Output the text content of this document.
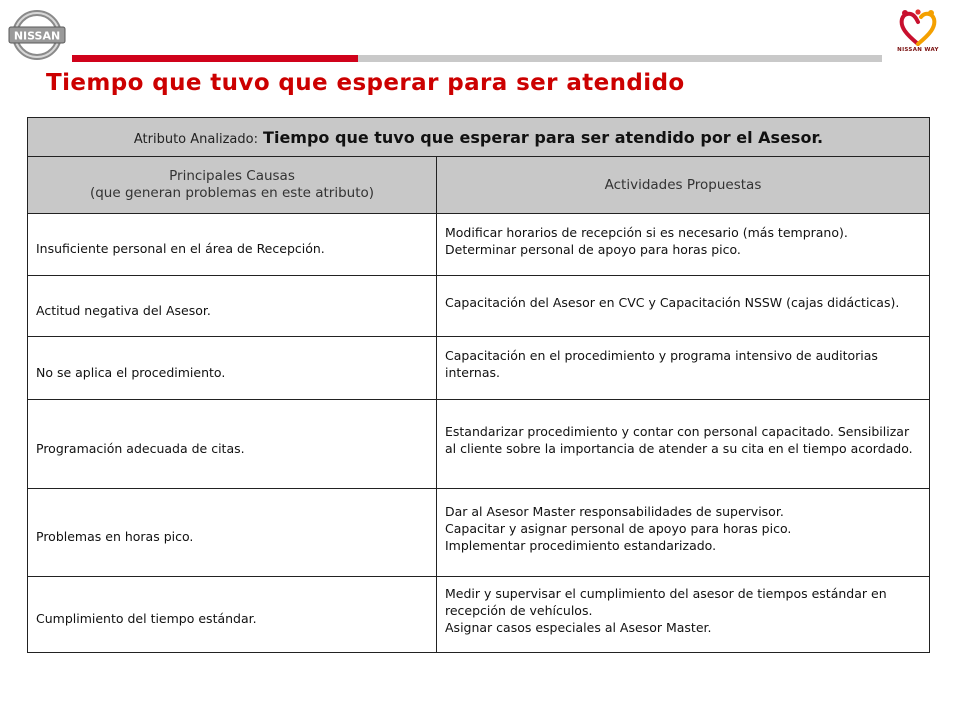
NISSAN
NISSAN WAY
Tiempo que tuvo que esperar para ser atendido
Atributo Analizado: Tiempo que tuvo que esperar para ser atendido por el Asesor.	

Principales Causas
(que generan problemas en este atributo)	Actividades Propuestas
Insuficiente personal en el área de Recepción.	Modificar horarios de recepción si es necesario (más temprano). Determinar personal de apoyo para horas pico.
Actitud negativa del Asesor.	Capacitación del Asesor en CVC y Capacitación NSSW (cajas didácticas).
No se aplica el procedimiento.	Capacitación en el procedimiento y programa intensivo de auditorias internas.
Programación adecuada de citas.	Estandarizar procedimiento y contar con personal capacitado. Sensibilizar al cliente sobre la importancia de atender a su cita en el tiempo acordado.
Problemas en horas pico.	Dar al Asesor Master responsabilidades de supervisor.
Capacitar y asignar personal de apoyo para horas pico.
Implementar procedimiento estandarizado.

Cumplimiento del tiempo estándar.	Medir y supervisar el cumplimiento del asesor de tiempos estándar en recepción de vehículos.
Asignar casos especiales al Asesor Master.
